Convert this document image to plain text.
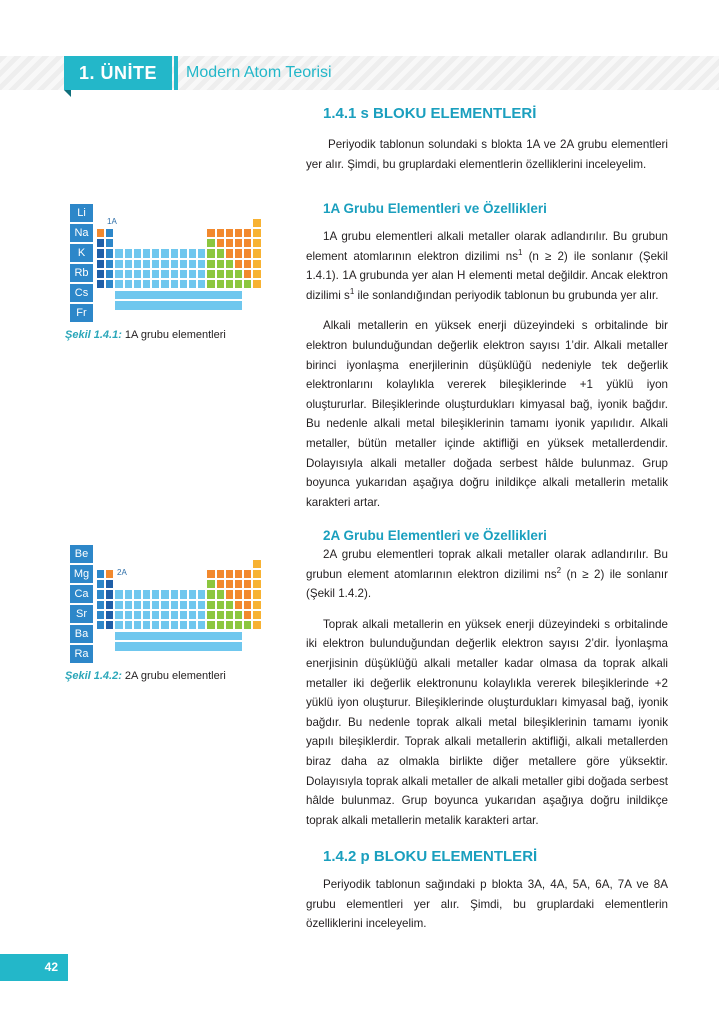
1. ÜNİTE	Modern Atom Teorisi
1.4.1 s BLOKU ELEMENTLERİ

Periyodik tablonun solundaki s blokta 1A ve 2A grubu elementleri yer alır. Şimdi, bu gruplardaki elementlerin özelliklerini inceleyelim.

1A Grubu Elementleri ve Özellikleri

1A grubu elementleri alkali metaller olarak adlandırılır. Bu grubun element atomlarının elektron dizilimi $ns^1$ (n ≥ 2) ile sonlanır (Şekil 1.4.1). 1A grubunda yer alan H elementi metal değildir. Ancak elektron dizilimi $s^1$ ile sonlandığından periyodik tablonun bu grubunda yer alır.

Alkali metallerin en yüksek enerji düzeyindeki s orbitalinde bir elektron bulunduğundan değerlik elektron sayısı 1’dir. Alkali metaller birinci iyonlaşma enerjilerinin düşüklüğü nedeniyle tek değerlik elektronlarını kolaylıkla vererek bileşiklerinde +1 yüklü iyon oluştururlar. Bileşiklerinde oluşturdukları kimyasal bağ, iyonik bağdır. Bu nedenle alkali metal bileşiklerinin tamamı iyonik yapılıdır. Alkali metaller, bütün metaller içinde aktifliği en yüksek metallerdendir. Dolayısıyla alkali metaller doğada serbest hâlde bulunmaz. Grup boyunca yukarıdan aşağıya doğru inildikçe alkali metallerin metalik karakteri artar.

2A Grubu Elementleri ve Özellikleri

2A grubu elementleri toprak alkali metaller olarak adlandırılır. Bu grubun element atomlarının elektron dizilimi $ns^2$ (n ≥ 2) ile sonlanır (Şekil 1.4.2).

Toprak alkali metallerin en yüksek enerji düzeyindeki s orbitalinde iki elektron bulunduğundan değerlik elektron sayısı 2’dir. İyonlaşma enerjisinin düşüklüğü alkali metaller kadar olmasa da toprak alkali metaller iki değerlik elektronunu kolaylıkla vererek bileşiklerinde +2 yüklü iyon oluşturur. Bileşiklerinde oluşturdukları kimyasal bağ, iyonik bağdır. Bu nedenle toprak alkali metal bileşiklerinin tamamı iyonik yapılı bileşiklerdir. Toprak alkali metallerin aktifliği, alkali metallerden biraz daha az olmakla birlikte diğer metallere göre yüksektir. Dolayısıyla toprak alkali metaller de alkali metaller gibi doğada serbest hâlde bulunmaz. Grup boyunca yukarıdan aşağıya doğru inildikçe toprak alkali metallerin metalik karakteri artar.

1.4.2 p BLOKU ELEMENTLERİ

Periyodik tablonun sağındaki p blokta 3A, 4A, 5A, 6A, 7A ve 8A grubu elementleri yer alır. Şimdi, bu gruplardaki elementlerin özelliklerini inceleyelim.

1A
Li
Na
K
Rb
Cs
Fr
Şekil 1.4.1: 1A grubu elementleri
2A
Be
Mg
Ca
Sr
Ba
Ra
Şekil 1.4.2: 2A grubu elementleri
42
